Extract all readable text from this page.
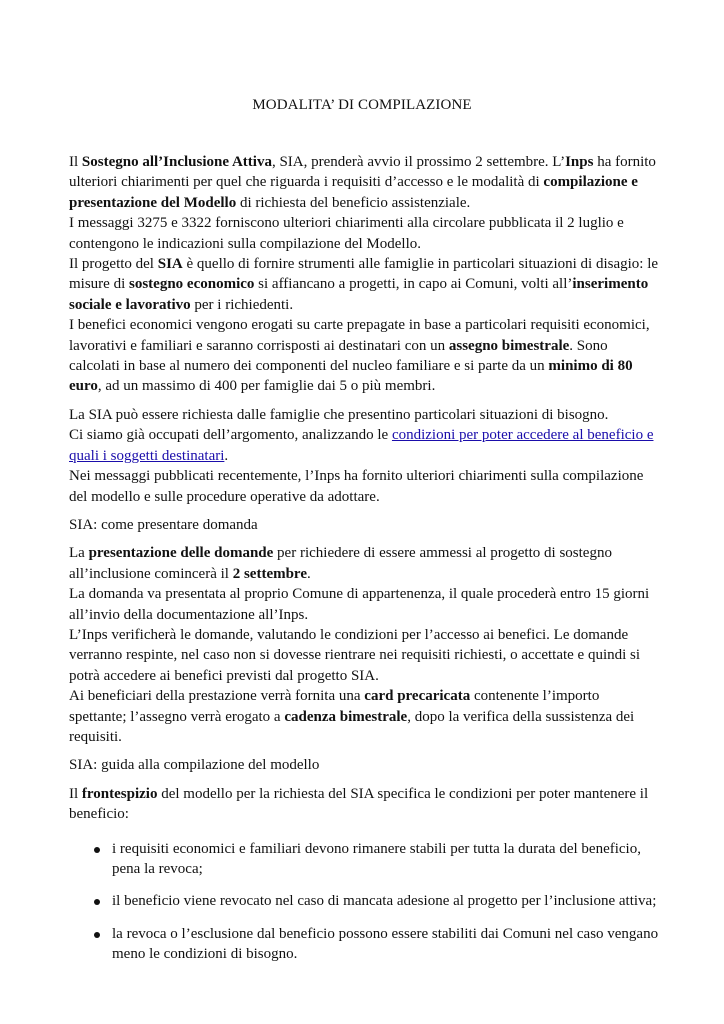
MODALITA’ DI COMPILAZIONE

Il Sostegno all’Inclusione Attiva, SIA, prenderà avvio il prossimo 2 settembre. L’Inps ha fornito ulteriori chiarimenti per quel che riguarda i requisiti d’accesso e le modalità di compilazione e presentazione del Modello di richiesta del beneficio assistenziale.

I messaggi 3275 e 3322 forniscono ulteriori chiarimenti alla circolare pubblicata il 2 luglio e contengono le indicazioni sulla compilazione del Modello.

Il progetto del SIA è quello di fornire strumenti alle famiglie in particolari situazioni di disagio: le misure di sostegno economico si affiancano a progetti, in capo ai Comuni, volti all’inserimento sociale e lavorativo per i richiedenti.

I benefici economici vengono erogati su carte prepagate in base a particolari requisiti economici, lavorativi e familiari e saranno corrisposti ai destinatari con un assegno bimestrale. Sono calcolati in base al numero dei componenti del nucleo familiare e si parte da un minimo di 80 euro, ad un massimo di 400 per famiglie dai 5 o più membri.

La SIA può essere richiesta dalle famiglie che presentino particolari situazioni di bisogno.

Ci siamo già occupati dell’argomento, analizzando le condizioni per poter accedere al beneficio e quali i soggetti destinatari.

Nei messaggi pubblicati recentemente, l’Inps ha fornito ulteriori chiarimenti sulla compilazione del modello e sulle procedure operative da adottare.

SIA: come presentare domanda

La presentazione delle domande per richiedere di essere ammessi al progetto di sostegno all’inclusione comincerà il 2 settembre.

La domanda va presentata al proprio Comune di appartenenza, il quale procederà entro 15 giorni all’invio della documentazione all’Inps.

L’Inps verificherà le domande, valutando le condizioni per l’accesso ai benefici. Le domande verranno respinte, nel caso non si dovesse rientrare nei requisiti richiesti, o accettate e quindi si potrà accedere ai benefici previsti dal progetto SIA.

Ai beneficiari della prestazione verrà fornita una card precaricata contenente l’importo spettante; l’assegno verrà erogato a cadenza bimestrale, dopo la verifica della sussistenza dei requisiti.

SIA: guida alla compilazione del modello

Il frontespizio del modello per la richiesta del SIA specifica le condizioni per poter mantenere il beneficio:

i requisiti economici e familiari devono rimanere stabili per tutta la durata del beneficio, pena la revoca;
il beneficio viene revocato nel caso di mancata adesione al progetto per l’inclusione attiva;
la revoca o l’esclusione dal beneficio possono essere stabiliti dai Comuni nel caso vengano meno le condizioni di bisogno.
